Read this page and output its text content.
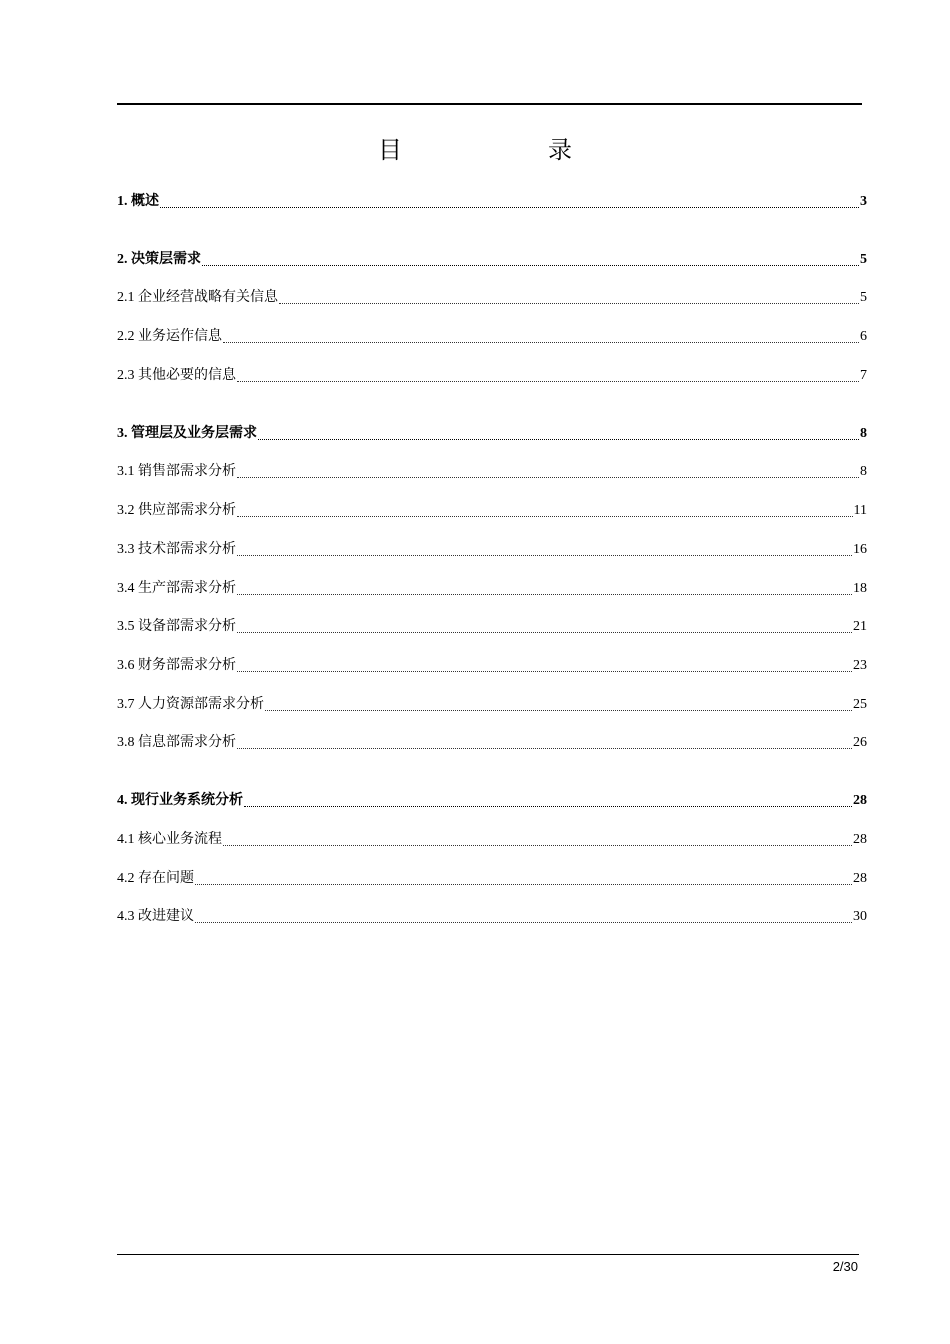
目	录
1. 概述	3
2. 决策层需求	5
2.1 企业经营战略有关信息	5
2.2 业务运作信息	6
2.3 其他必要的信息	7
3. 管理层及业务层需求	8
3.1 销售部需求分析	8
3.2 供应部需求分析	11
3.3 技术部需求分析	16
3.4 生产部需求分析	18
3.5 设备部需求分析	21
3.6 财务部需求分析	23
3.7 人力资源部需求分析	25
3.8 信息部需求分析	26
4. 现行业务系统分析	28
4.1 核心业务流程	28
4.2 存在问题	28
4.3 改进建议	30
2/30
